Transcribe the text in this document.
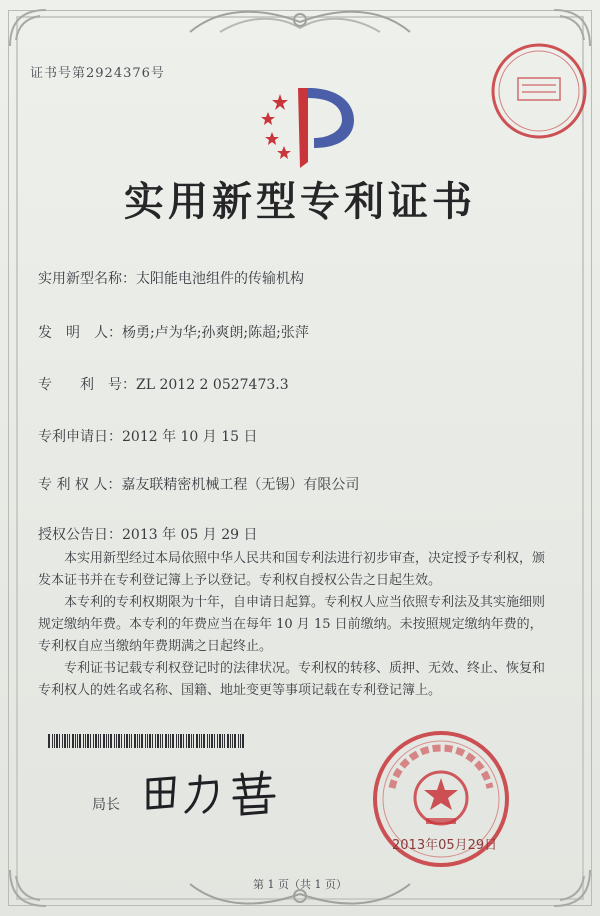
证书号第2924376号
实用新型专利证书
实用新型名称：太阳能电池组件的传输机构
发　明　人：杨勇;卢为华;孙爽朗;陈超;张萍
专　　利　号：ZL 2012 2 0527473.3
专利申请日：2012 年 10 月 15 日
专 利 权 人：嘉友联精密机械工程（无锡）有限公司
授权公告日：2013 年 05 月 29 日

本实用新型经过本局依照中华人民共和国专利法进行初步审查，决定授予专利权，颁发本证书并在专利登记簿上予以登记。专利权自授权公告之日起生效。

本专利的专利权期限为十年，自申请日起算。专利权人应当依照专利法及其实施细则规定缴纳年费。本专利的年费应当在每年 10 月 15 日前缴纳。未按照规定缴纳年费的，专利权自应当缴纳年费期满之日起终止。

专利证书记载专利权登记时的法律状况。专利权的转移、质押、无效、终止、恢复和专利权人的姓名或名称、国籍、地址变更等事项记载在专利登记簿上。

局长
2013年05月29日
第 1 页（共 1 页）
